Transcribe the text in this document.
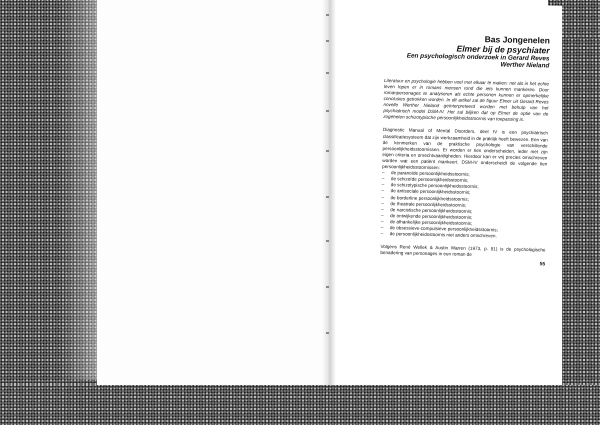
Bas Jongenelen

Elmer bij de psychiater

Een psychologisch onderzoek in Gerard Reves Werther Nieland

Literatuur en psychologie hebben veel met elkaar te maken: net als in het echte leven lopen er in romans mensen rond die iets kunnen mankeren. Door romanpersonages te analyseren als echte personen kunnen er opmerkelijke conclusies getrokken worden. In dit artikel zal de figuur Elmer uit Gerard Reves novelle Werther Nieland geïnterpreteerd worden met behulp van het psychiatrisch model DSM-IV. Het zal blijken dat op Elmer de optie van de zogeheten schizotypische persoonlijkheidsstoornis van toepassing is.

Diagnostic Manual of Mental Disorders, deel IV is een psychiatrisch classificatiesysteem dat zijn werkzaamheid in de praktijk heeft bewezen. Een van de kenmerken van de praktische psychologie van verschillende persoonlijkheidsstoornissen. Er worden er tien onderscheiden, ieder met zijn eigen criteria en onrechtvaardigheden. Hierdoor kan er vrij precies omschreven worden wat een patiënt mankeert. DSM-IV onderscheidt de volgende tien persoonlijkheidsstoornissen:

– de paranoïde persoonlijkheidsstoornis;
– de schizoïde persoonlijkheidsstoornis;
– de schizotypische persoonlijkheidsstoornis;
– de antisociale persoonlijkheidsstoornis;
– de borderline persoonlijkheidsstoornis;
– de theatrale persoonlijkheidsstoornis;
– de narcistische persoonlijkheidsstoornis;
– de ontwijkende persoonlijkheidsstoornis;
– de afhankelijke persoonlijkheidsstoornis;
– de obsessieve-compulsieve persoonlijkheidsstoornis;
– de persoonlijkheidsstoornis niet anders omschreven.

Volgens René Wellek & Austin Warren (1973, p. 81) is de psychologische benadering van personages in een roman de

55
